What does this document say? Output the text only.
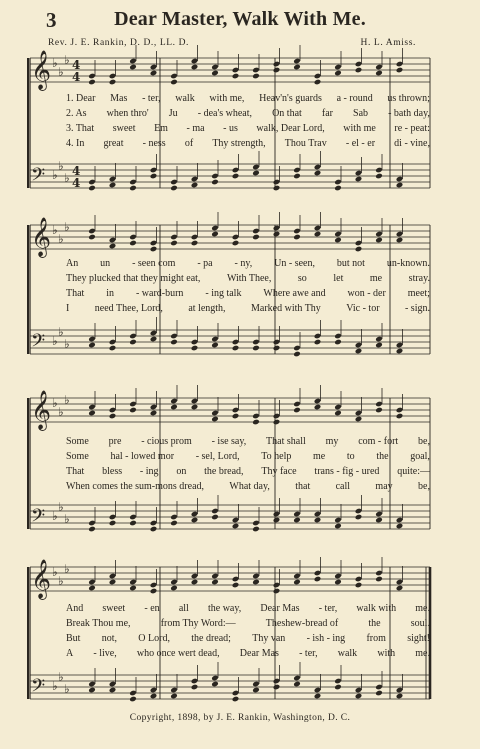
3	Dear Master, Walk With Me.
Rev. J. E. Rankin, D. D., LL. D.	H. L. Amiss.
𝄞
𝄢
♭
♭
♭
♭
♭
♭
4
4
4
4
𝄞
𝄢
♭
♭
♭
♭
♭
♭
𝄞
𝄢
♭
♭
♭
♭
♭
♭
𝄞
𝄢
♭
♭
♭
♭
♭
♭
1. Dear Mas - ter, walk with me, Heav'n's guards a - round us thrown;
2. As when thro' Ju - dea's wheat, On that far Sab - bath day,
3. That sweet Em - ma - us walk, Dear Lord, with me re - peat:
4. In great - ness of Thy strength, Thou Trav - el - er di - vine,
An un - seen com - pa - ny, Un - seen, but not un-known.
They plucked that they might eat,	With Thee,	so	let	me	stray.
That in - ward-burn - ing talk Where awe and won - der meet;
I	need Thee, Lord,	at length,	Marked with Thy	Vic - tor	- sign.
Some pre - cious prom - ise say, That shall my com - fort be,
Some hal - lowed mor - sel, Lord, To help me to the goal,
That bless - ing on the bread, Thy face trans - fig - ured quite:—
When comes the sum-mons dread,	What day,	that	call	may	be,
And sweet - en all the way, Dear Mas - ter, walk with me.
Break Thou me,	from Thy Word:—	Theshew-bread of	the	soul.
But not, O Lord, the dread; Thy van - ish - ing from sight!
A - live, who once wert dead, Dear Mas - ter, walk with me.
Copyright, 1898, by J. E. Rankin, Washington, D. C.
